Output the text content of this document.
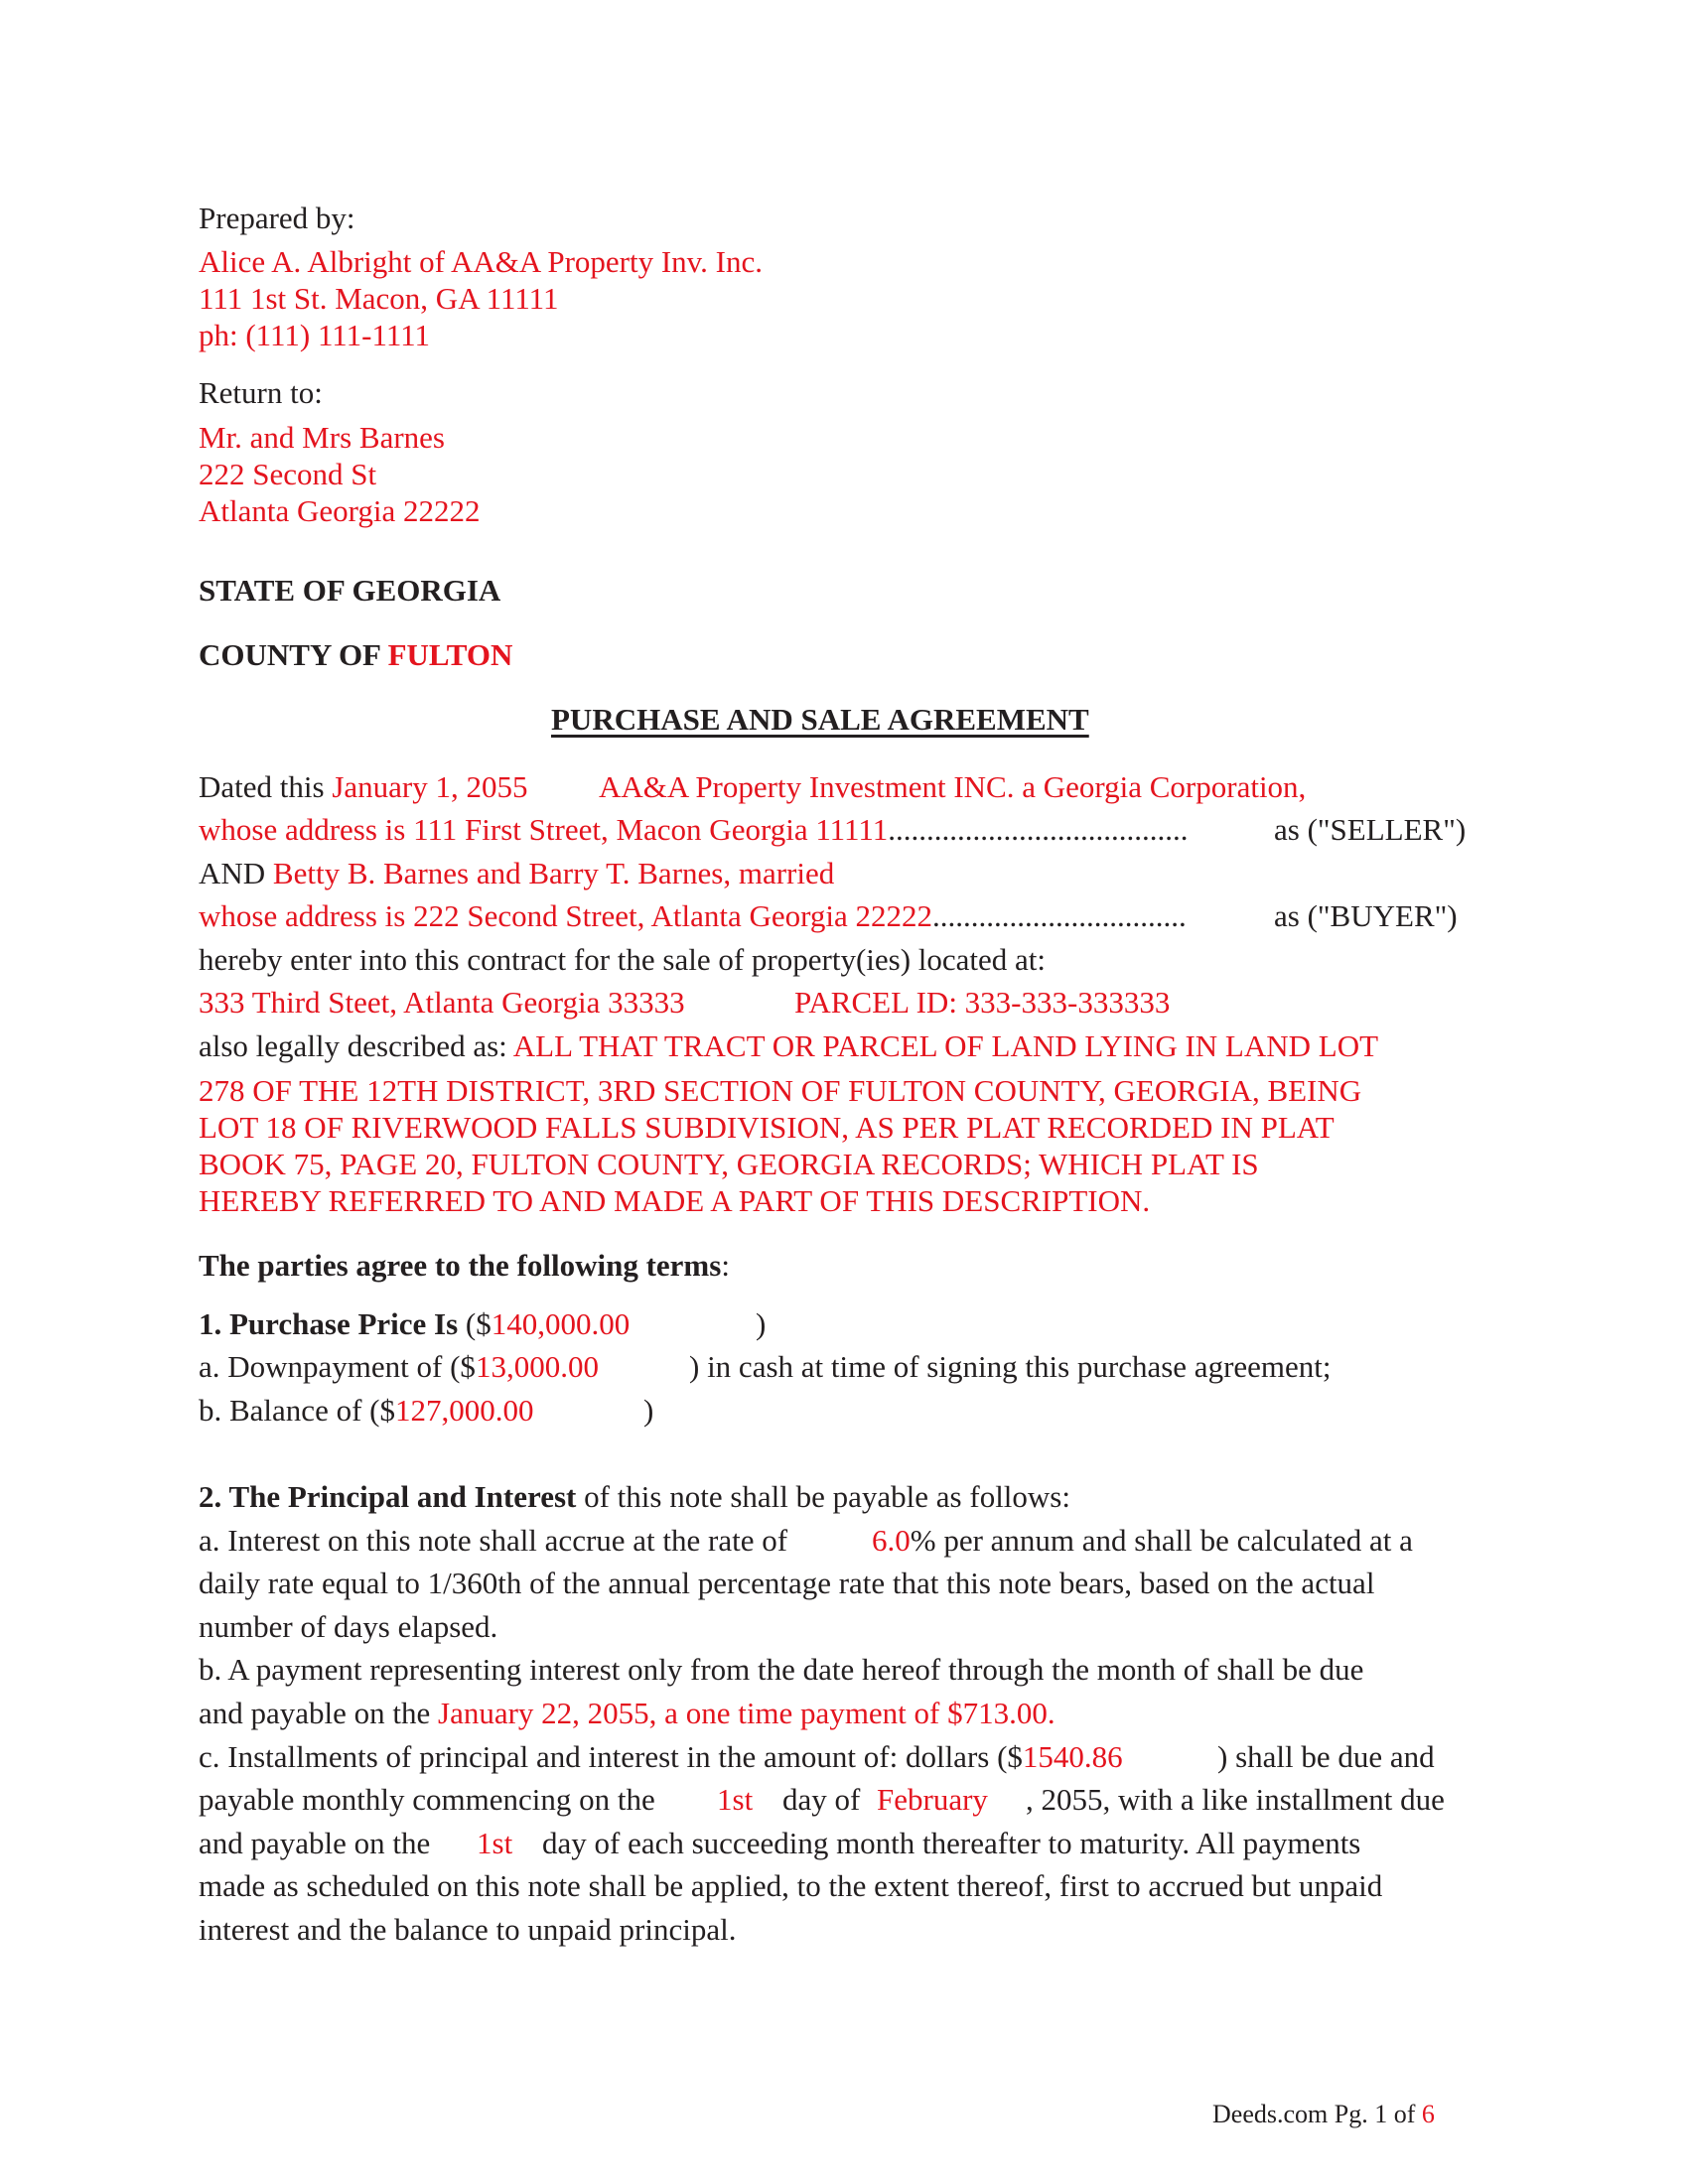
Prepared by:
Alice A. Albright of AA&A Property Inv. Inc.
111 1st St. Macon, GA 11111
ph: (111) 111-1111
Return to:
Mr. and Mrs Barnes
222 Second St
Atlanta Georgia 22222
STATE OF GEORGIA
COUNTY OF FULTON
PURCHASE AND SALE AGREEMENT
Dated this January 1, 2055 AA&A Property Investment INC. a Georgia Corporation,
whose address is 111 First Street, Macon Georgia 11111.......................................	as ("SELLER")
AND Betty B. Barnes and Barry T. Barnes, married
whose address is 222 Second Street, Atlanta Georgia 22222.................................	as ("BUYER")
hereby enter into this contract for the sale of property(ies) located at:
333 Third Steet, Atlanta Georgia 33333	PARCEL ID: 333-333-333333
also legally described as: ALL THAT TRACT OR PARCEL OF LAND LYING IN LAND LOT
278 OF THE 12TH DISTRICT, 3RD SECTION OF FULTON COUNTY, GEORGIA, BEING
LOT 18 OF RIVERWOOD FALLS SUBDIVISION, AS PER PLAT RECORDED IN PLAT
BOOK 75, PAGE 20, FULTON COUNTY, GEORGIA RECORDS; WHICH PLAT IS
HEREBY REFERRED TO AND MADE A PART OF THIS DESCRIPTION.
The parties agree to the following terms:
1. Purchase Price Is ($140,000.00	)
a. Downpayment of ($13,000.00	) in cash at time of signing this purchase agreement;
b. Balance of ($127,000.00	)
2. The Principal and Interest of this note shall be payable as follows:
a. Interest on this note shall accrue at the rate of	6.0% per annum and shall be calculated at a
daily rate equal to 1/360th of the annual percentage rate that this note bears, based on the actual
number of days elapsed.
b. A payment representing interest only from the date hereof through the month of shall be due
and payable on the January 22, 2055, a one time payment of $713.00.
c. Installments of principal and interest in the amount of: dollars ($1540.86	) shall be due and
payable monthly commencing on the 1st day of February , 2055, with a like installment due
and payable on the 1st day of each succeeding month thereafter to maturity. All payments
made as scheduled on this note shall be applied, to the extent thereof, first to accrued but unpaid
interest and the balance to unpaid principal.
Deeds.com Pg. 1 of 6
